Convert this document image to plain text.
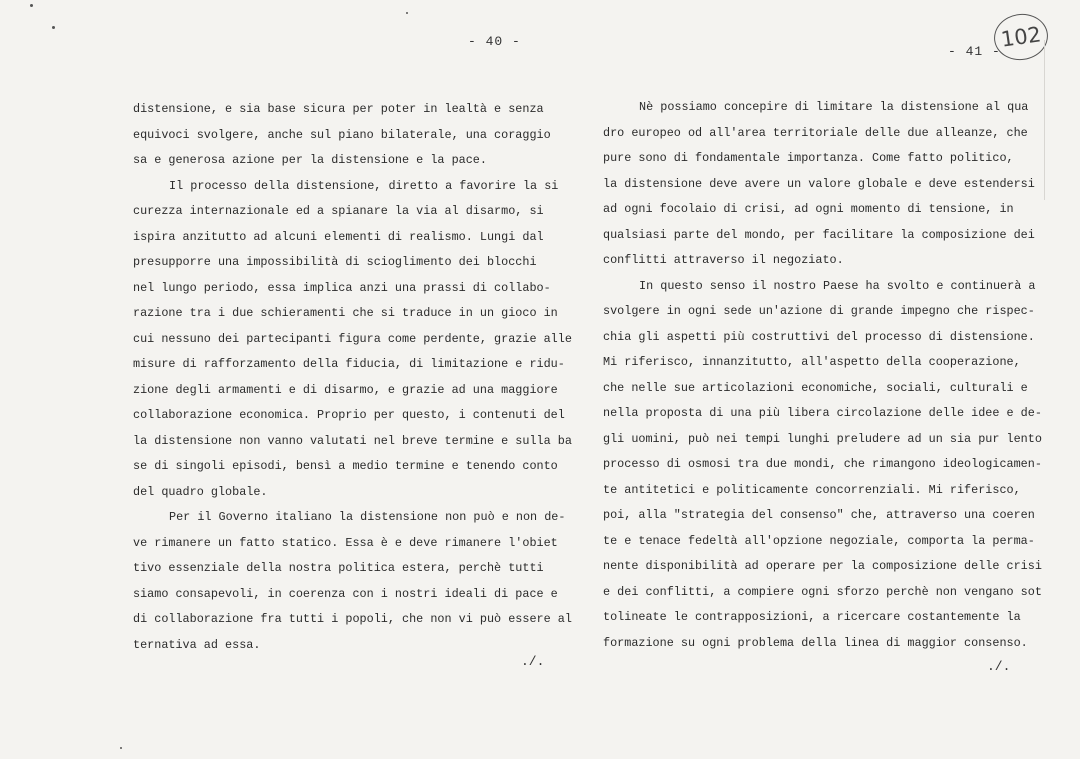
- 40 -
- 41 -
102
distensione, e sia base sicura per poter in lealtà e senza
equivoci svolgere, anche sul piano bilaterale, una coraggio
sa e generosa azione per la distensione e la pace.
Il processo della distensione, diretto a favorire la si
curezza internazionale ed a spianare la via al disarmo, si
ispira anzitutto ad alcuni elementi di realismo. Lungi dal
presupporre una impossibilità di scioglimento dei blocchi
nel lungo periodo, essa implica anzi una prassi di collabo-
razione tra i due schieramenti che si traduce in un gioco in
cui nessuno dei partecipanti figura come perdente, grazie alle
misure di rafforzamento della fiducia, di limitazione e ridu-
zione degli armamenti e di disarmo, e grazie ad una maggiore
collaborazione economica. Proprio per questo, i contenuti del
la distensione non vanno valutati nel breve termine e sulla ba
se di singoli episodi, bensì a medio termine e tenendo conto
del quadro globale.
Per il Governo italiano la distensione non può e non de-
ve rimanere un fatto statico. Essa è e deve rimanere l'obiet
tivo essenziale della nostra politica estera, perchè tutti
siamo consapevoli, in coerenza con i nostri ideali di pace e
di collaborazione fra tutti i popoli, che non vi può essere al
ternativa ad essa.
./.
Nè possiamo concepire di limitare la distensione al qua
dro europeo od all'area territoriale delle due alleanze, che
pure sono di fondamentale importanza. Come fatto politico,
la distensione deve avere un valore globale e deve estendersi
ad ogni focolaio di crisi, ad ogni momento di tensione, in
qualsiasi parte del mondo, per facilitare la composizione dei
conflitti attraverso il negoziato.
In questo senso il nostro Paese ha svolto e continuerà a
svolgere in ogni sede un'azione di grande impegno che rispec-
chia gli aspetti più costruttivi del processo di distensione.
Mi riferisco, innanzitutto, all'aspetto della cooperazione,
che nelle sue articolazioni economiche, sociali, culturali e
nella proposta di una più libera circolazione delle idee e de-
gli uomini, può nei tempi lunghi preludere ad un sia pur lento
processo di osmosi tra due mondi, che rimangono ideologicamen-
te antitetici e politicamente concorrenziali. Mi riferisco,
poi, alla "strategia del consenso" che, attraverso una coeren
te e tenace fedeltà all'opzione negoziale, comporta la perma-
nente disponibilità ad operare per la composizione delle crisi
e dei conflitti, a compiere ogni sforzo perchè non vengano sot
tolineate le contrapposizioni, a ricercare costantemente la
formazione su ogni problema della linea di maggior consenso.
./.
